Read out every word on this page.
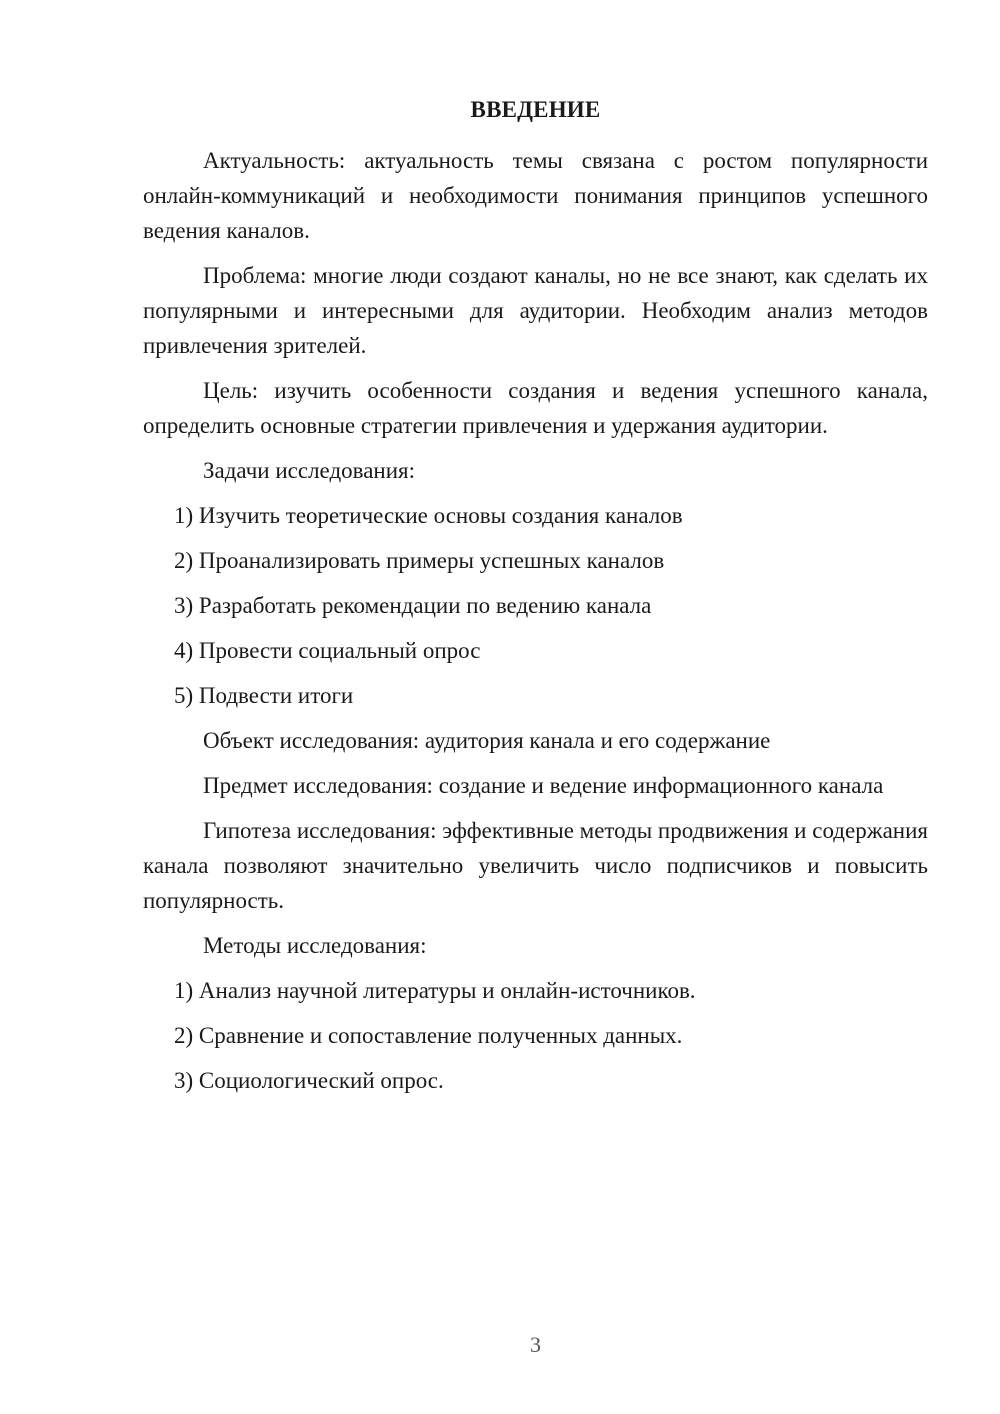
ВВЕДЕНИЕ

Актуальность: актуальность темы связана с ростом популярности онлайн-коммуникаций и необходимости понимания принципов успешного ведения каналов.

Проблема: многие люди создают каналы, но не все знают, как сделать их популярными и интересными для аудитории. Необходим анализ методов привлечения зрителей.

Цель: изучить особенности создания и ведения успешного канала, определить основные стратегии привлечения и удержания аудитории.

Задачи исследования:

1) Изучить теоретические основы создания каналов
2) Проанализировать примеры успешных каналов
3) Разработать рекомендации по ведению канала
4) Провести социальный опрос
5) Подвести итоги

Объект исследования: аудитория канала и его содержание

Предмет исследования: создание и ведение информационного канала

Гипотеза исследования: эффективные методы продвижения и содержания канала позволяют значительно увеличить число подписчиков и повысить популярность.

Методы исследования:

1) Анализ научной литературы и онлайн-источников.
2) Сравнение и сопоставление полученных данных.
3) Социологический опрос.
3
